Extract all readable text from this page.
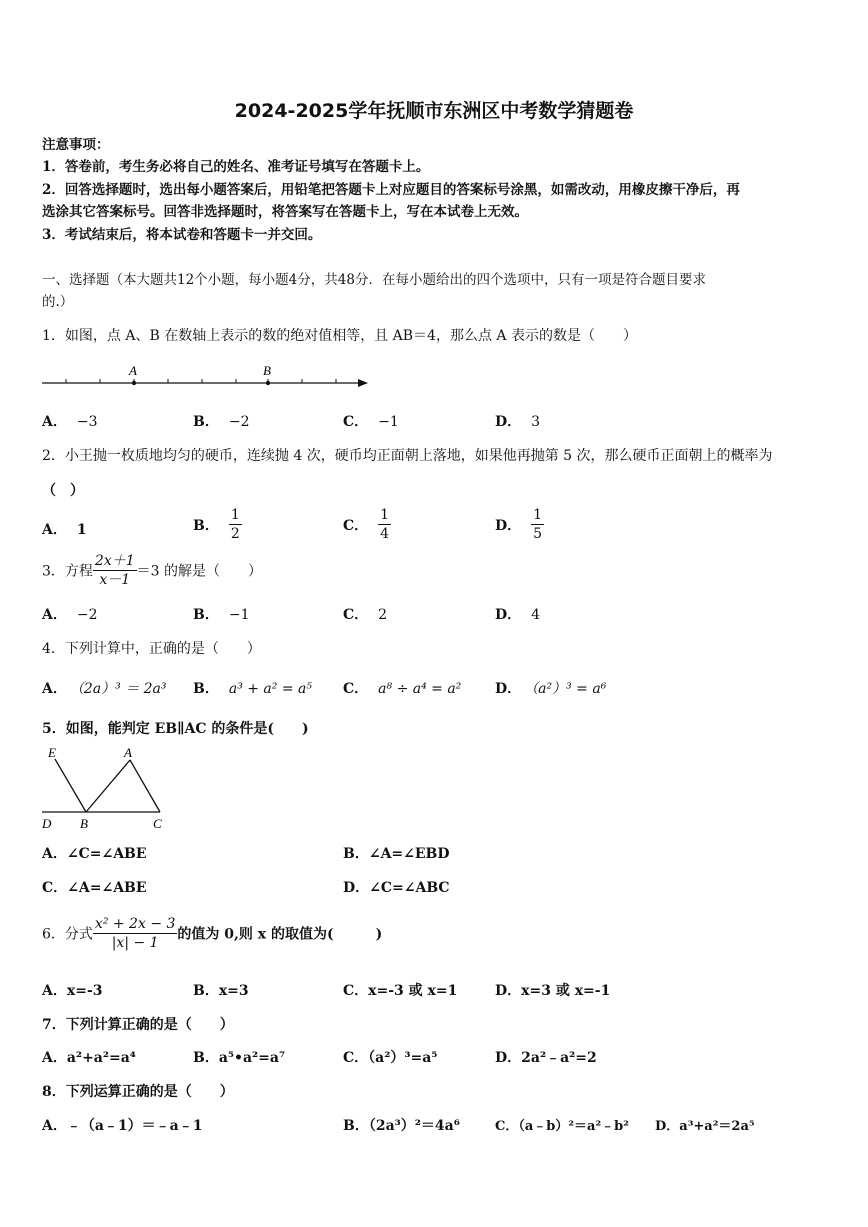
2024-2025学年抚顺市东洲区中考数学猜题卷
注意事项：
1．答卷前，考生务必将自己的姓名、准考证号填写在答题卡上。
2．回答选择题时，选出每小题答案后，用铅笔把答题卡上对应题目的答案标号涂黑，如需改动，用橡皮擦干净后，再
选涂其它答案标号。回答非选择题时，将答案写在答题卡上，写在本试卷上无效。
3．考试结束后，将本试卷和答题卡一并交回。
一、选择题（本大题共12个小题，每小题4分，共48分．在每小题给出的四个选项中，只有一项是符合题目要求
的.）
1．如图，点 A、B 在数轴上表示的数的绝对值相等，且 AB＝4，那么点 A 表示的数是（　　）
A	B
A． −3	B． −2	C． −1	D． 3
2．小王抛一枚质地均匀的硬币，连续抛 4 次，硬币均正面朝上落地，如果他再抛第 5 次，那么硬币正面朝上的概率为
（　）
A． 1	B． $\frac{1}{2}$	C． $\frac{1}{4}$	D． $\frac{1}{5}$
3．方程 $\frac{2x+1}{x-1} =3$ 的解是（　　）
A． −2	B． −1	C． 2	D． 4
4．下列计算中，正确的是（　　）
A． （2a）³ ＝ 2a³ B． a³ + a² = a⁵ C． a⁸ ÷ a⁴ = a² D． （a²）³ = a⁶
5．如图，能判定 EB∥AC 的条件是(　　)
E	A
D B	C
A．∠C=∠ABE	B．∠A=∠EBD
C．∠A=∠ABE	D．∠C=∠ABC
6．分式 $\frac{\text{x² + 2x − 3}}{|x| - 1}$ 的值为 0,则 x 的取值为(　　　)
A．x=-3	B．x=3	C．x=-3 或 x=1	D．x=3 或 x=-1
7．下列计算正确的是（　　）
A．a²+a²=a⁴	B．a⁵•a²=a⁷	C．（a²）³=a⁵	D．2a²﹣a²=2
8．下列运算正确的是（　　）
A．﹣（a﹣1）＝﹣a﹣1	B．（2a³）²＝4a⁶	C．（a﹣b）²＝a²﹣b² D．a³+a²＝2a⁵
